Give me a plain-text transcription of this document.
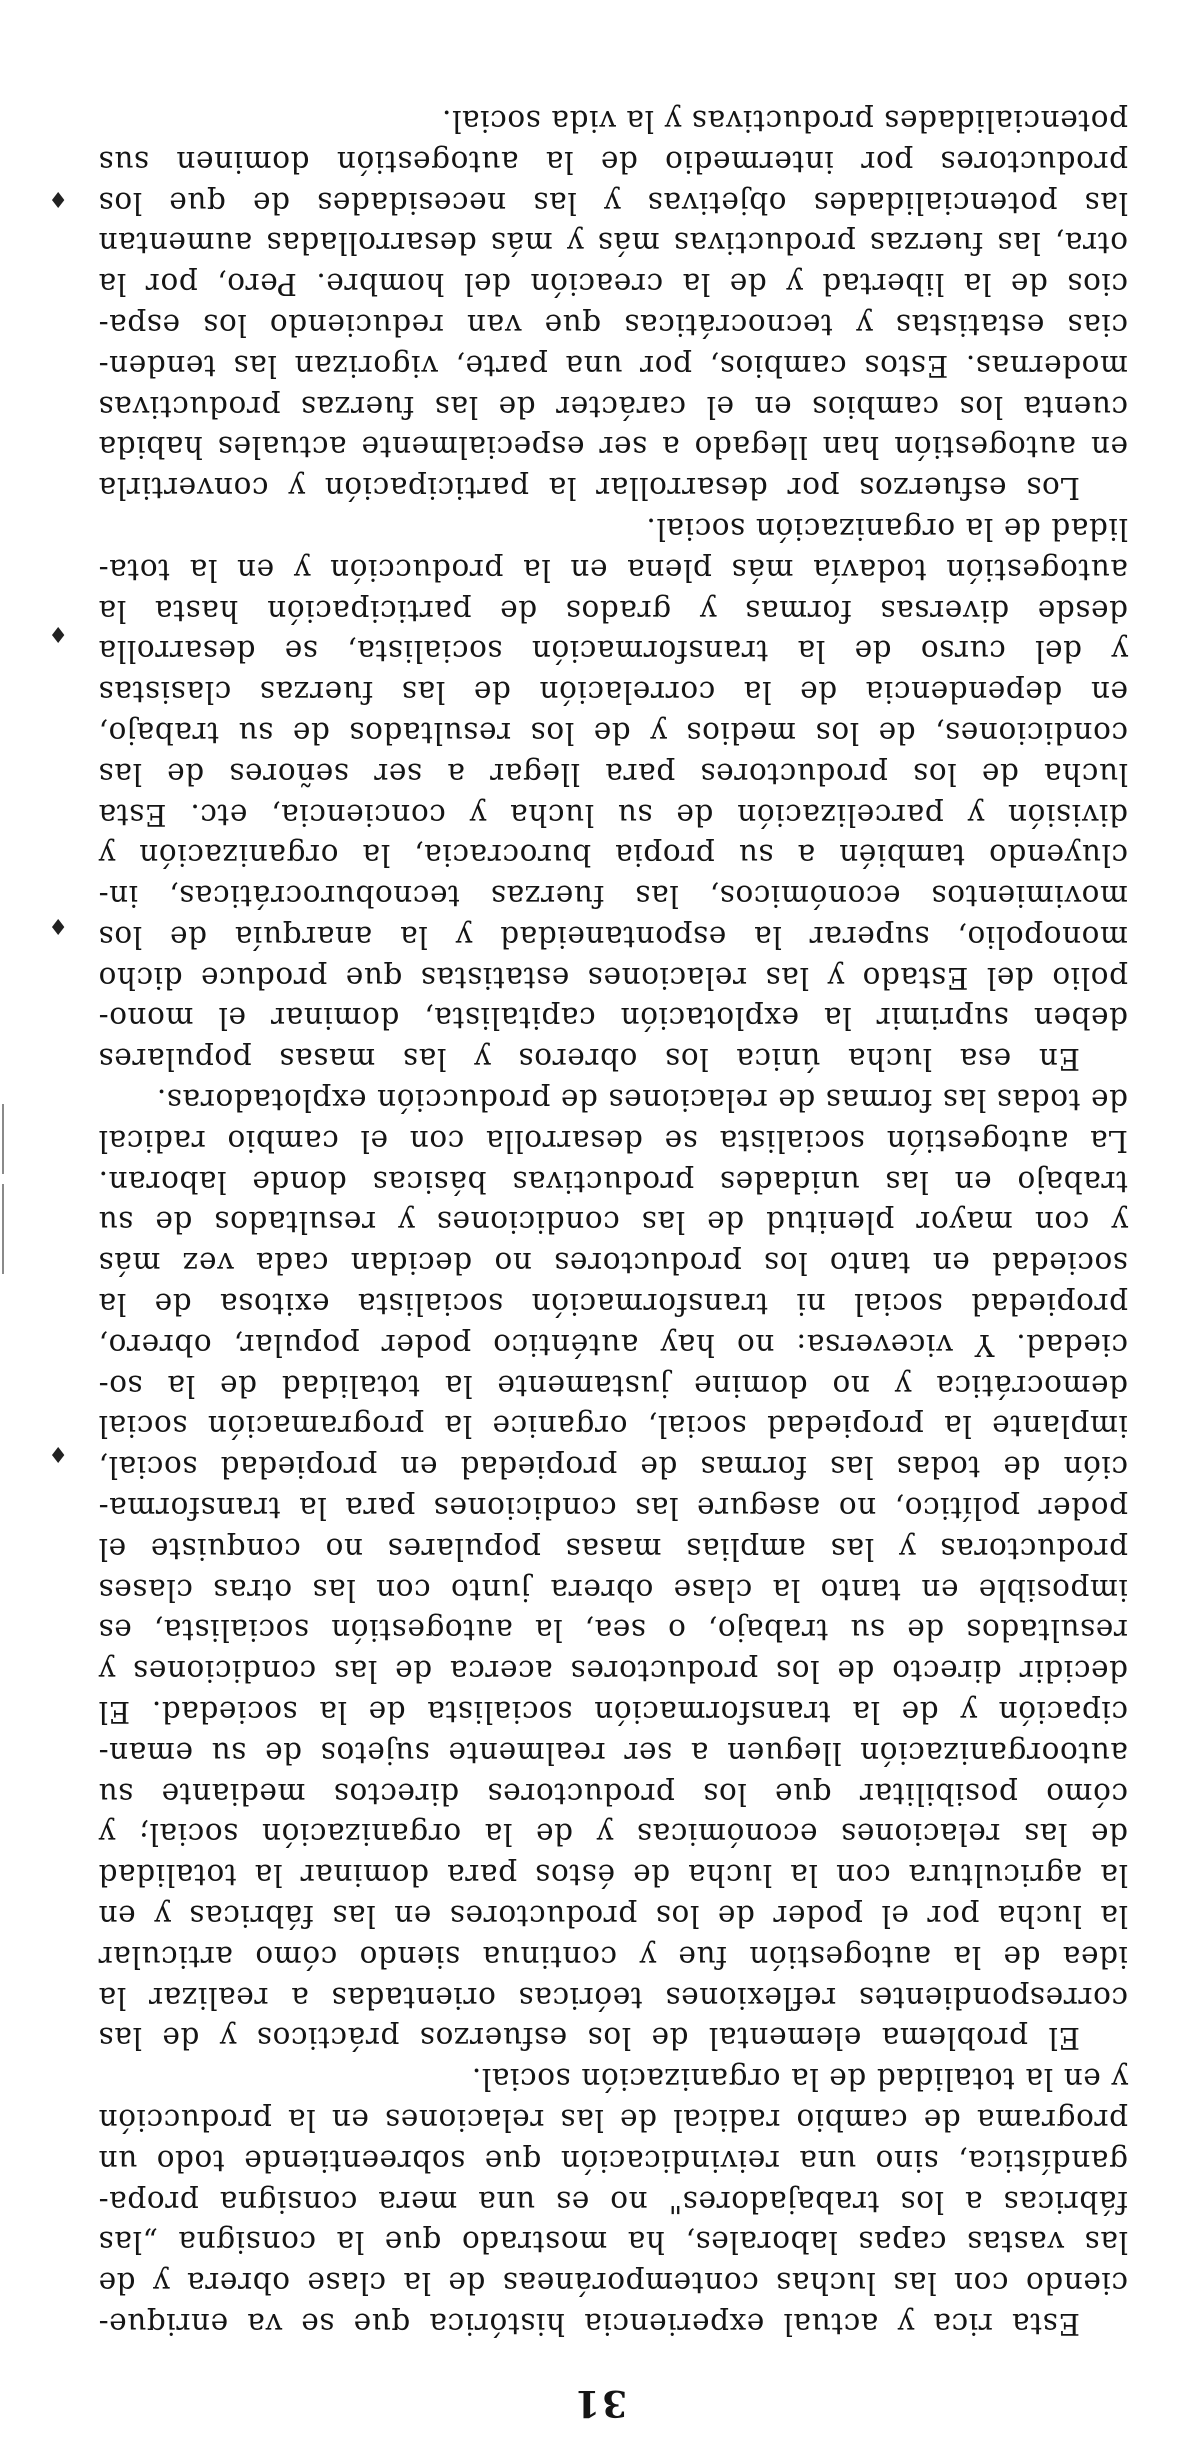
31
Esta rica y actual experiencia histórica que se va enrique-
ciendo con las luchas contemporáneas de la clase obrera y de
las vastas capas laborales, ha mostrado que la consigna „las
fábricas a los trabajadores" no es una mera consigna propa-
gandística, sino una reivindicación que sobreentiende todo un
programa de cambio radical de las relaciones en la producción
y en la totalidad de la organización social.
El problema elemental de los esfuerzos prácticos y de las
correspondientes reflexiones teóricas orientadas a realizar la
idea de la autogestión fue y continua siendo cómo articular
la lucha por el poder de los productores en las fábricas y en
la agricultura con la lucha de éstos para dominar la totalidad
de las relaciones económicas y de la organización social; y
cómo posibilitar que los productores directos mediante su
autoorganización lleguen a ser realmente sujetos de su eman-
cipación y de la transformación socialista de la sociedad. El
decidir directo de los productores acerca de las condiciones y
resultados de su trabajo, o sea, la autogestión socialista, es
imposible en tanto la clase obrera junto con las otras clases
productoras y las amplias masas populares no conquiste el
poder político, no asegure las condiciones para la transforma-
ción de todas las formas de propiedad en propiedad social,
implante la propiedad social, organice la programación social
democrática y no domine justamente la totalidad de la so-
ciedad. Y viceversa: no hay auténtico poder popular, obrero,
propiedad social ni transformación socialista exitosa de la
sociedad en tanto los productores no decidan cada vez más
y con mayor plenitud de las condiciones y resultados de su
trabajo en las unidades productivas básicas donde laboran.
La autogestión socialista se desarrolla con el cambio radical
de todas las formas de relaciones de producción explotadoras.
En esa lucha única los obreros y las masas populares
deben suprimir la explotación capitalista, dominar el mono-
polio del Estado y las relaciones estatistas que produce dicho
monopolio, superar la espontaneidad y la anarquía de los
movimientos económicos, las fuerzas tecnoburocráticas, in-
cluyendo también a su propia burocracia, la organización y
división y parcelización de su lucha y conciencia, etc. Esta
lucha de los productores para llegar a ser señores de las
condiciones, de los medios y de los resultados de su trabajo,
en dependencia de la correlación de las fuerzas clasistas
y del curso de la transformación socialista, se desarrolla
desde diversas formas y grados de participación hasta la
autogestión todavía más plena en la producción y en la tota-
lidad de la organización social.
Los esfuerzos por desarrollar la participación y convertirla
en autogestión han llegado a ser especialmente actuales habida
cuenta los cambios en el carácter de las fuerzas productivas
modernas. Estos cambios, por una parte, vigorizan las tenden-
cias estatistas y tecnocráticas que van reduciendo los espa-
cios de la libertad y de la creación del hombre. Pero, por la
otra, las fuerzas productivas más y más desarrolladas aumentan
las potencialidades objetivas y las necesidades de que los
productores por intermedio de la autogestión dominen sus
potencialidades productivas y la vida social.
♦
♦
♦
♦
